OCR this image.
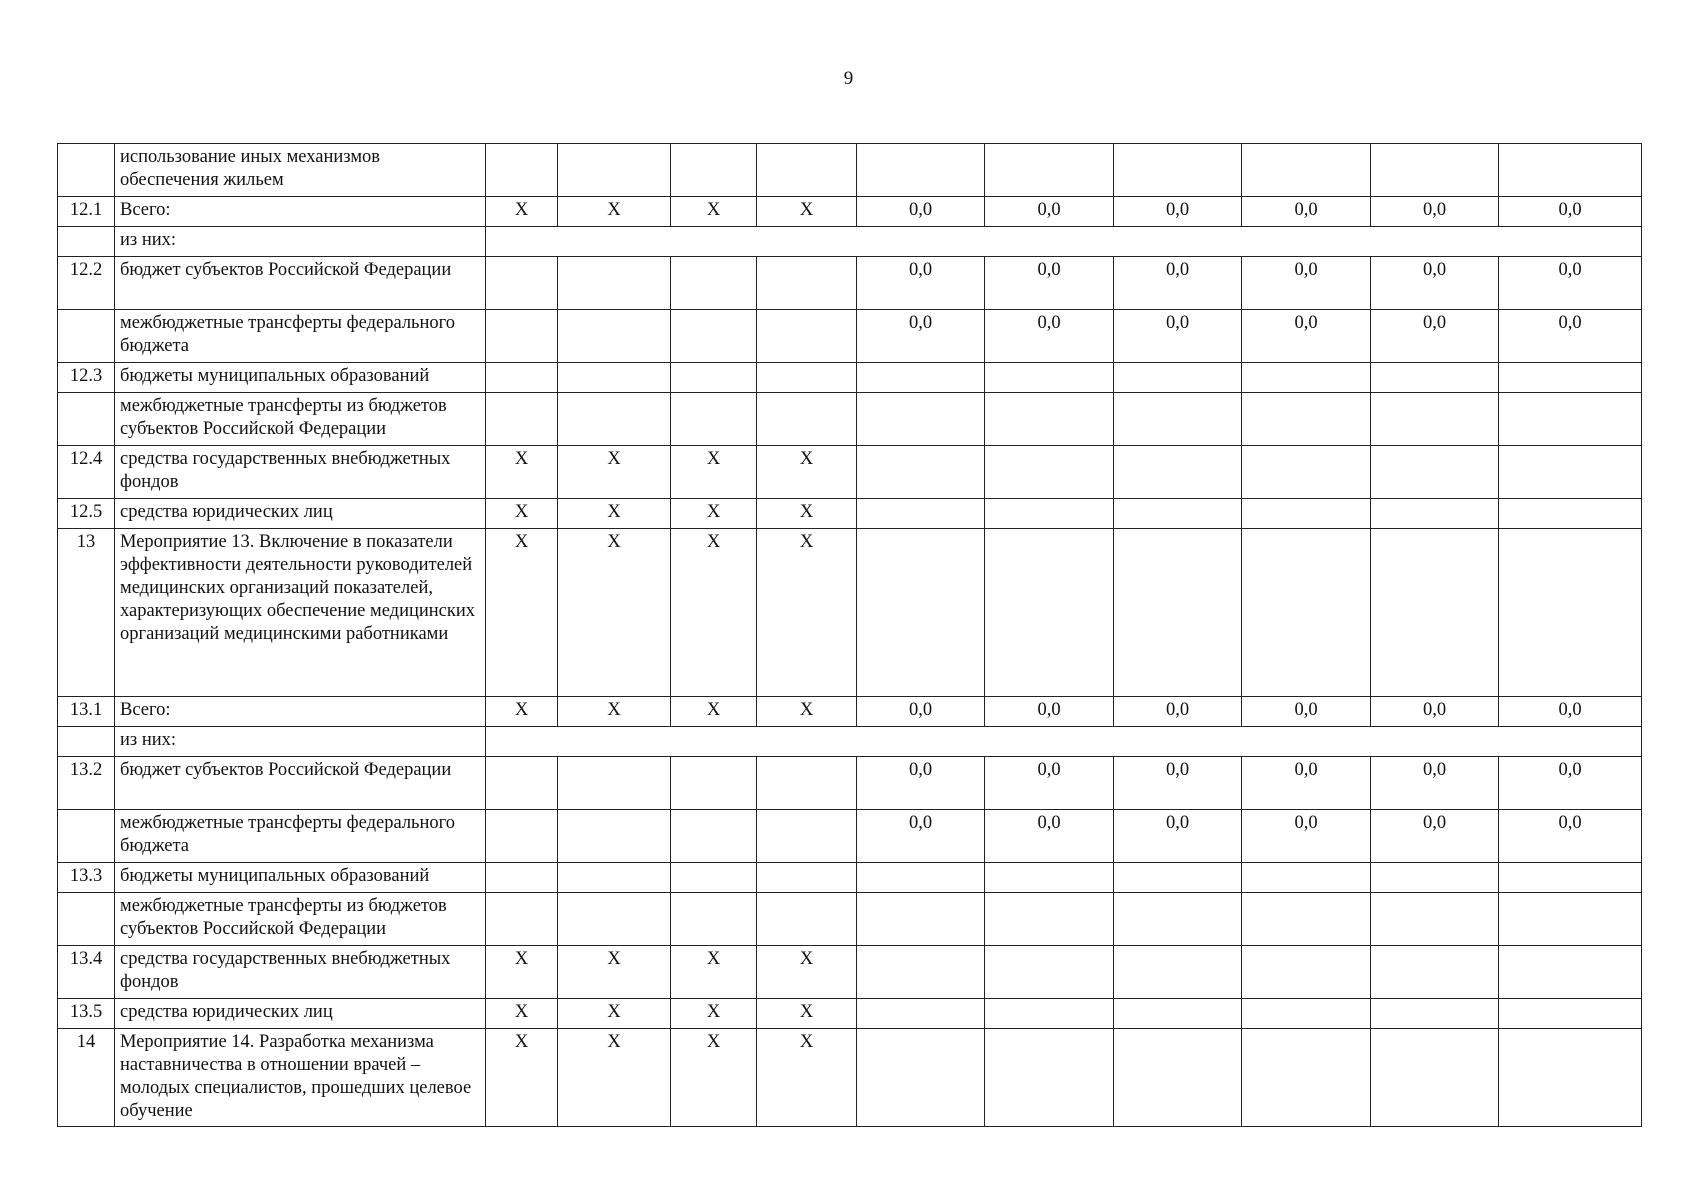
9
	использование иных механизмов обеспечения жильем										
12.1	Всего:	Х	Х	Х	Х	0,0	0,0	0,0	0,0	0,0	0,0
	из них:										
12.2	бюджет субъектов Российской Федерации					0,0	0,0	0,0	0,0	0,0	0,0
	межбюджетные трансферты федерального бюджета					0,0	0,0	0,0	0,0	0,0	0,0
12.3	бюджеты муниципальных образований										
	межбюджетные трансферты из бюджетов субъектов Российской Федерации										
12.4	средства государственных внебюджетных фондов	Х	Х	Х	Х						
12.5	средства юридических лиц	Х	Х	Х	Х						
13	Мероприятие 13. Включение в показатели эффективности деятельности руководителей медицинских организаций показателей, характеризующих обеспечение медицинских организаций медицинскими работниками	Х	Х	Х	Х						
13.1	Всего:	Х	Х	Х	Х	0,0	0,0	0,0	0,0	0,0	0,0
	из них:										
13.2	бюджет субъектов Российской Федерации					0,0	0,0	0,0	0,0	0,0	0,0
	межбюджетные трансферты федерального бюджета					0,0	0,0	0,0	0,0	0,0	0,0
13.3	бюджеты муниципальных образований										
	межбюджетные трансферты из бюджетов субъектов Российской Федерации										
13.4	средства государственных внебюджетных фондов	Х	Х	Х	Х						
13.5	средства юридических лиц	Х	Х	Х	Х						
14	Мероприятие 14. Разработка механизма наставничества в отношении врачей – молодых специалистов, прошедших целевое обучение	Х	Х	Х	Х						
